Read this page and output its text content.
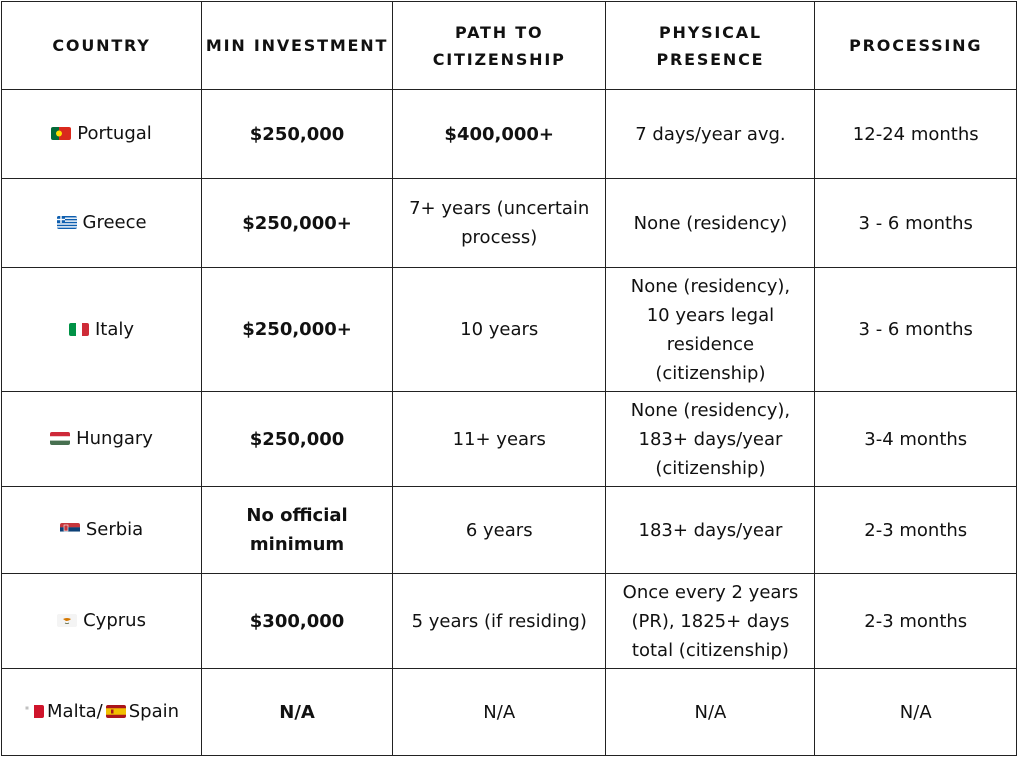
COUNTRY	MIN INVESTMENT	PATH TO CITIZENSHIP	PHYSICAL PRESENCE	PROCESSING

Portugal	$250,000	$400,000+	7 days/year avg.	12-24 months

Greece	$250,000+	7+ years (uncertain process)	None (residency)	3 - 6 months

Italy	$250,000+	10 years	None (residency), 10 years legal residence (citizenship)	3 - 6 months

Hungary	$250,000	11+ years	None (residency), 183+ days/year (citizenship)	3-4 months

Serbia	No official minimum	6 years	183+ days/year	2-3 months

Cyprus	$300,000	5 years (if residing)	Once every 2 years (PR), 1825+ days total (citizenship)	2-3 months

Malta/ Spain	N/A	N/A	N/A	N/A
